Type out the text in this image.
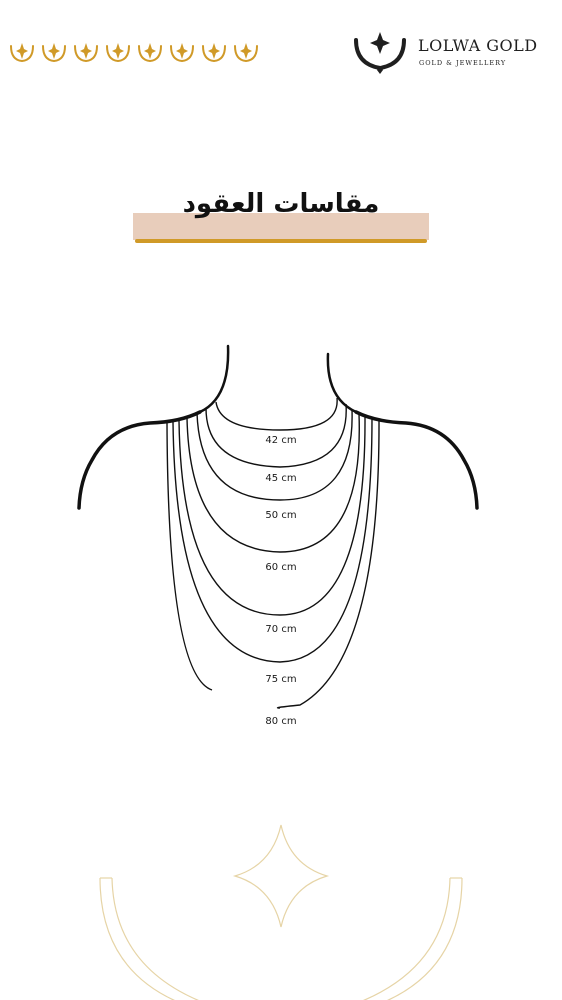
LOLWA GOLD
GOLD & JEWELLERY
مقاسات العقود
42 cm
45 cm
50 cm
60 cm
70 cm
75 cm
80 cm
